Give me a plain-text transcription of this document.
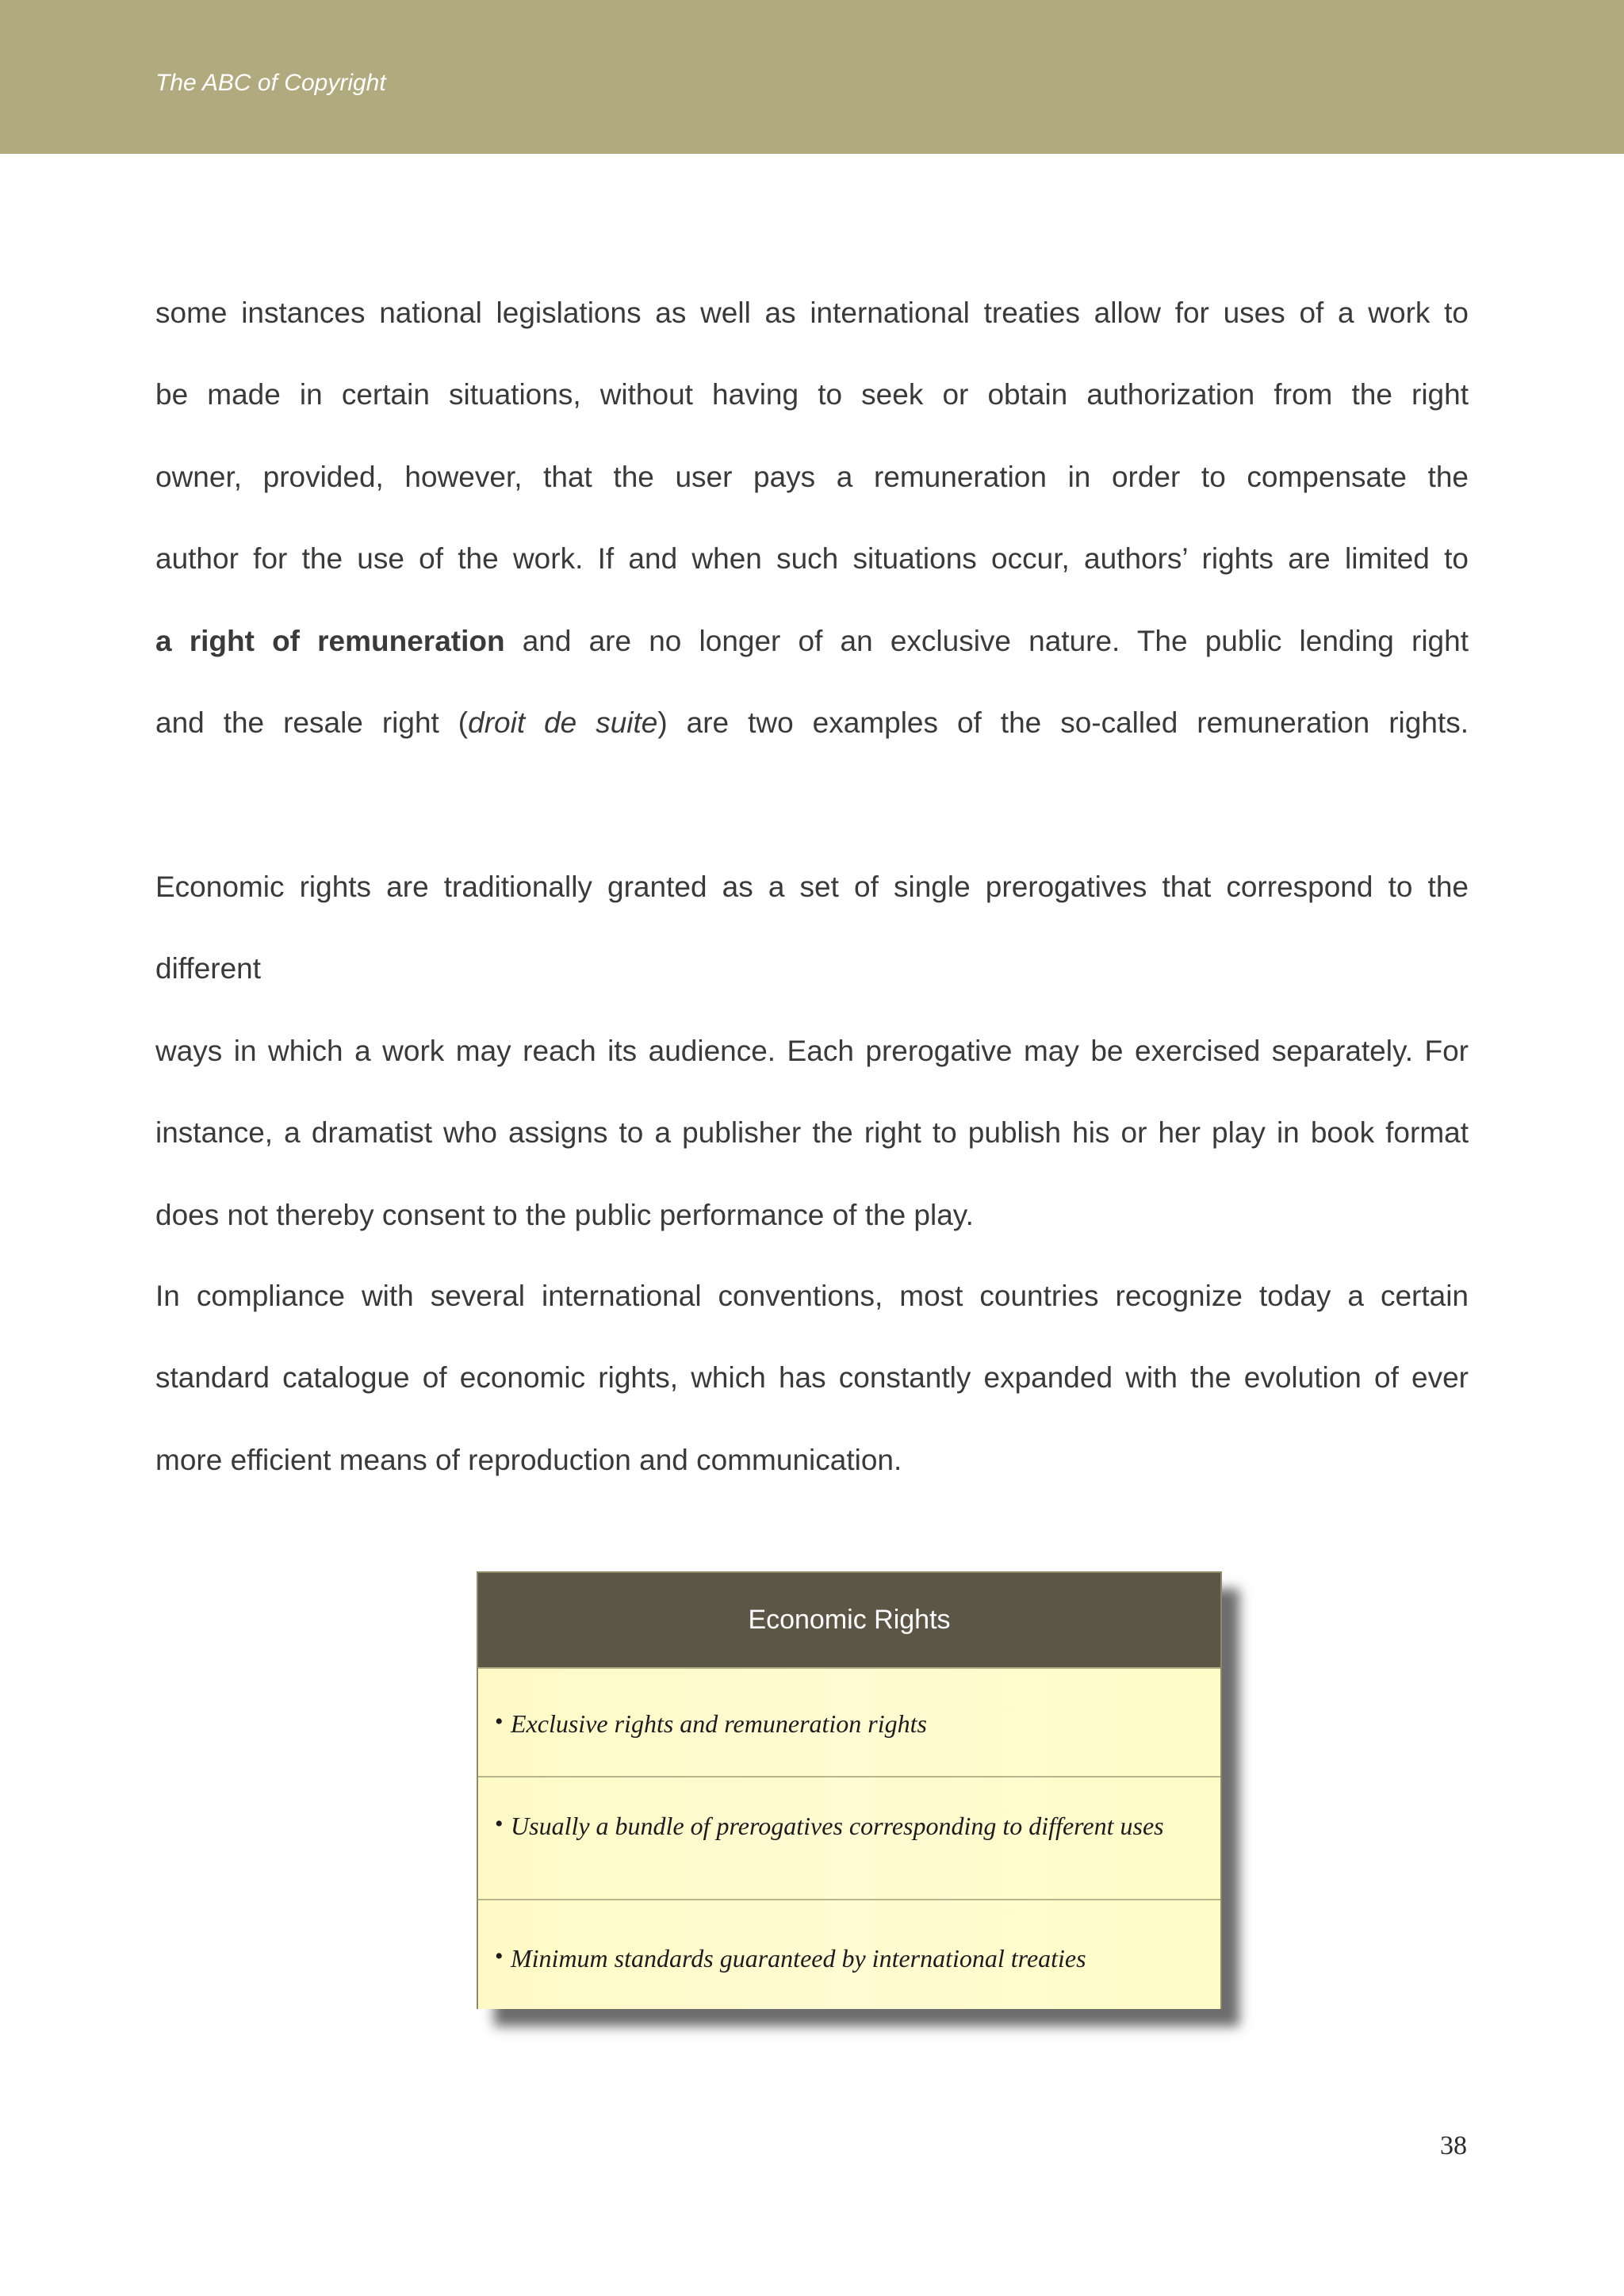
The ABC of Copyright

some instances national legislations as well as international treaties allow for uses of a work to
be made in certain situations, without having to seek or obtain authorization from the right
owner, provided, however, that the user pays a remuneration in order to compensate the
author for the use of the work. If and when such situations occur, authors’ rights are limited to
a right of remuneration and are no longer of an exclusive nature. The public lending right
and the resale right (droit de suite) are two examples of the so-called remuneration rights.

Economic rights are traditionally granted as a set of single prerogatives that correspond to the different
ways in which a work may reach its audience. Each prerogative may be exercised separately. For
instance, a dramatist who assigns to a publisher the right to publish his or her play in book format
does not thereby consent to the public performance of the play.

In compliance with several international conventions, most countries recognize today a certain
standard catalogue of economic rights, which has constantly expanded with the evolution of ever
more efficient means of reproduction and communication.

Economic Rights
• Exclusive rights and remuneration rights
• Usually a bundle of prerogatives corresponding to different uses
• Minimum standards guaranteed by international treaties
38
